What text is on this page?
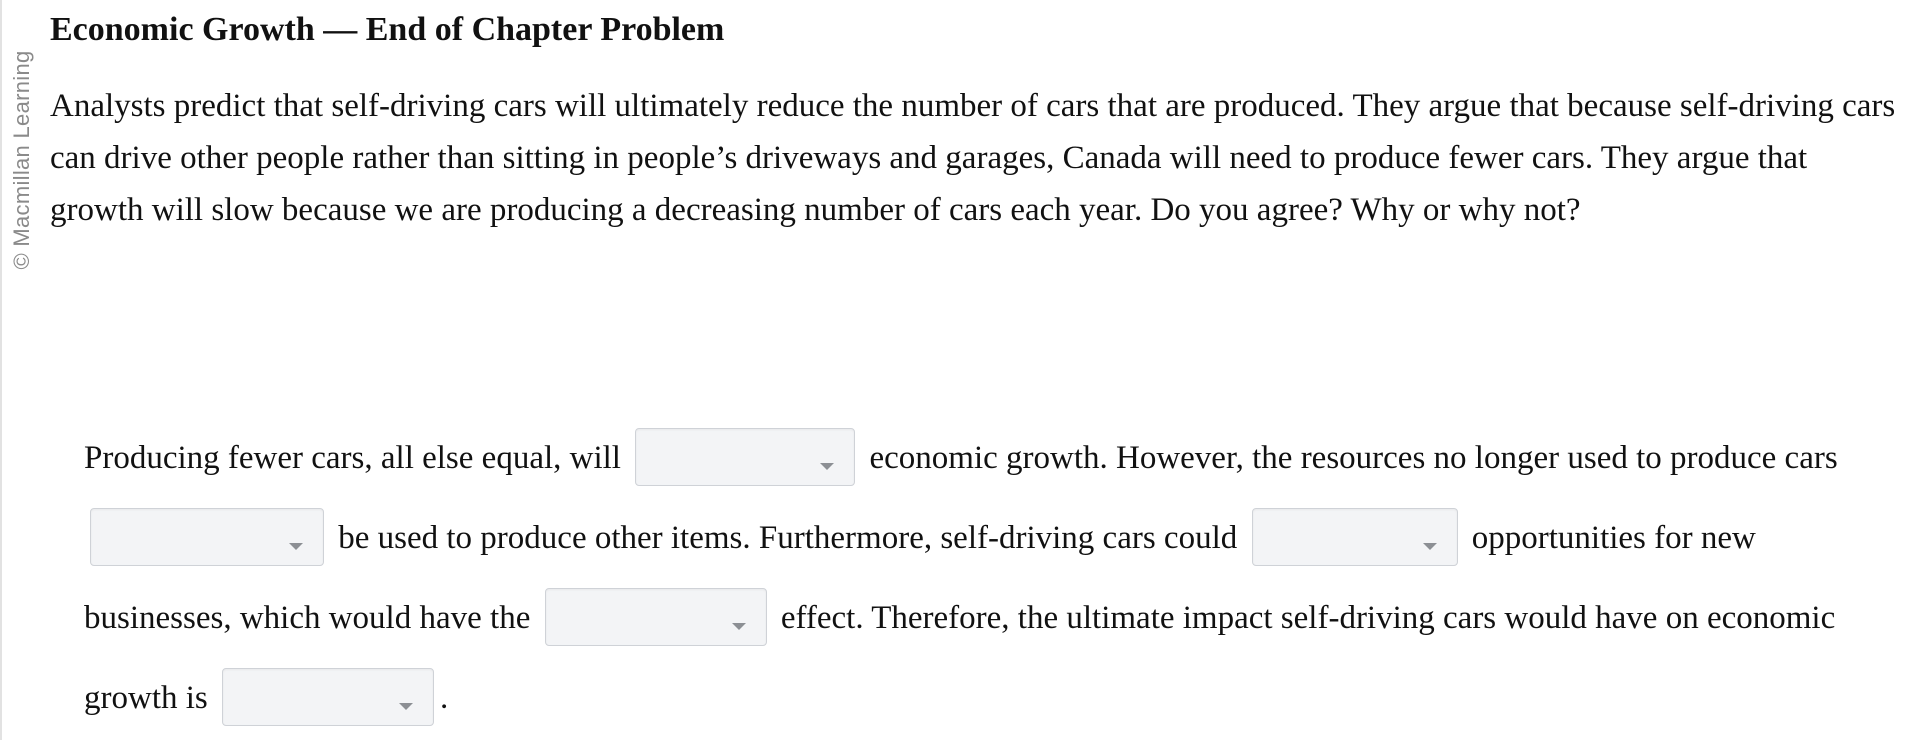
© Macmillan Learning
Economic Growth — End of Chapter Problem

Analysts predict that self-driving cars will ultimately reduce the number of cars that are produced. They argue that because self-driving cars can drive other people rather than sitting in people’s driveways and garages, Canada will need to produce fewer cars. They argue that growth will slow because we are producing a decreasing number of cars each year. Do you agree? Why or why not?

Producing fewer cars, all else equal, will	economic growth. However, the resources no longer used to produce cars
be used to produce other items. Furthermore, self-driving cars could	opportunities for new businesses, which would have the	effect. Therefore, the ultimate impact self-driving cars would have on economic growth is	.
